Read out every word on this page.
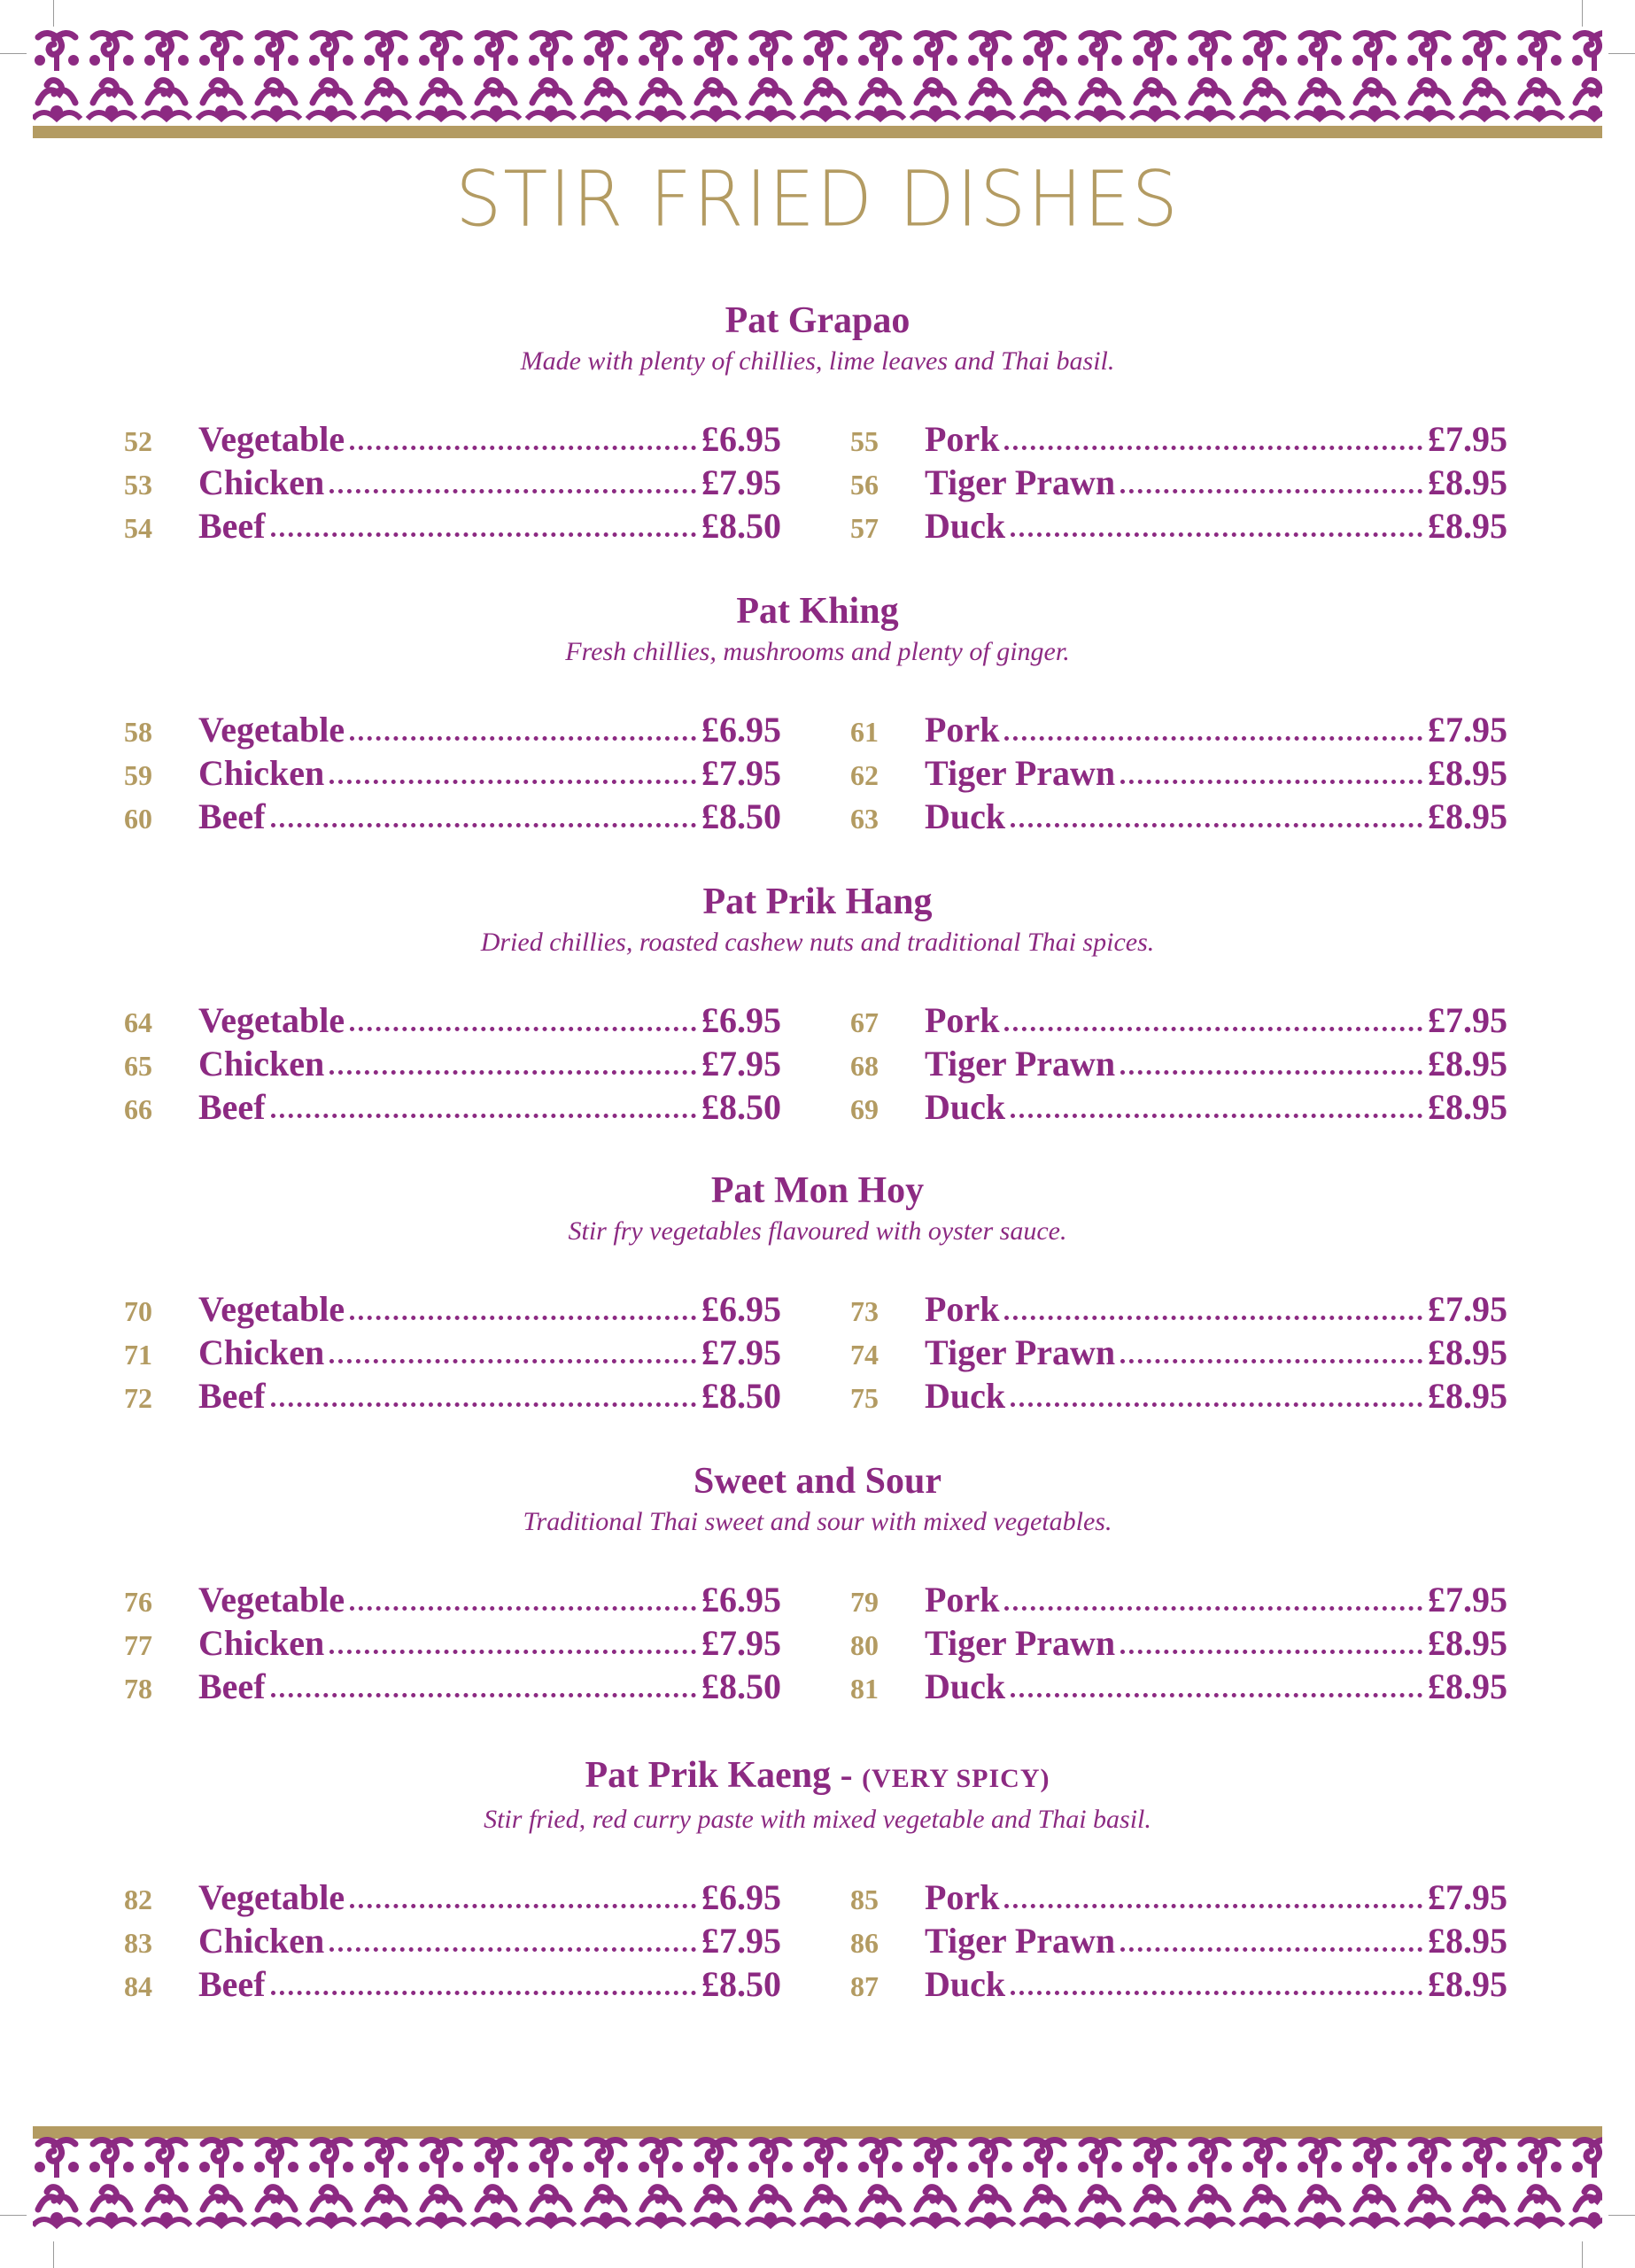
STIR FRIED DISHES
Pat Grapao
Made with plenty of chillies, lime leaves and Thai basil.
52	Vegetable	£6.95
53	Chicken	£7.95
54	Beef	£8.50
55	Pork	£7.95
56	Tiger Prawn	£8.95
57	Duck	£8.95
Pat Khing
Fresh chillies, mushrooms and plenty of ginger.
58	Vegetable	£6.95
59	Chicken	£7.95
60	Beef	£8.50
61	Pork	£7.95
62	Tiger Prawn	£8.95
63	Duck	£8.95
Pat Prik Hang
Dried chillies, roasted cashew nuts and traditional Thai spices.
64	Vegetable	£6.95
65	Chicken	£7.95
66	Beef	£8.50
67	Pork	£7.95
68	Tiger Prawn	£8.95
69	Duck	£8.95
Pat Mon Hoy
Stir fry vegetables flavoured with oyster sauce.
70	Vegetable	£6.95
71	Chicken	£7.95
72	Beef	£8.50
73	Pork	£7.95
74	Tiger Prawn	£8.95
75	Duck	£8.95
Sweet and Sour
Traditional Thai sweet and sour with mixed vegetables.
76	Vegetable	£6.95
77	Chicken	£7.95
78	Beef	£8.50
79	Pork	£7.95
80	Tiger Prawn	£8.95
81	Duck	£8.95
Pat Prik Kaeng - (VERY SPICY)
Stir fried, red curry paste with mixed vegetable and Thai basil.
82	Vegetable	£6.95
83	Chicken	£7.95
84	Beef	£8.50
85	Pork	£7.95
86	Tiger Prawn	£8.95
87	Duck	£8.95
